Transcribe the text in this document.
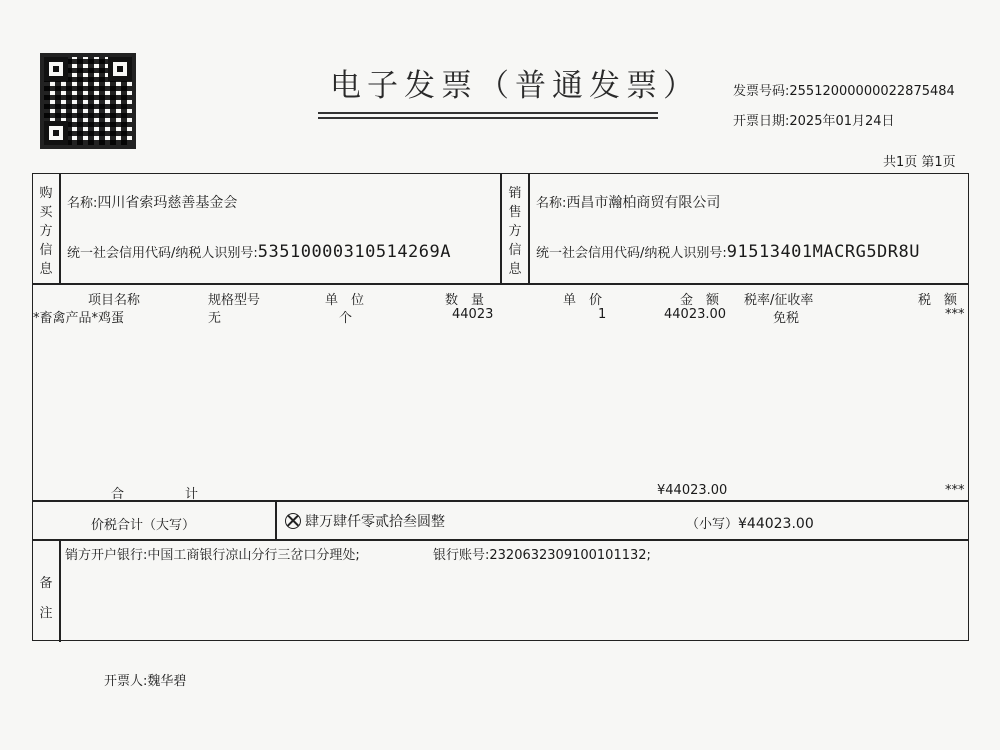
电子发票（普通发票）	发票号码:25512000000022875484
开票日期:2025年01月24日
共1页 第1页
购买方信息
名称:四川省索玛慈善基金会
统一社会信用代码/纳税人识别号:53510000310514269A
销售方信息
名称:西昌市瀚柏商贸有限公司
统一社会信用代码/纳税人识别号:91513401MACRG5DR8U
项目名称	规格型号	单　位	数　量	单　价	金　额 税率/征收率	税　额
*畜禽产品*鸡蛋	无	个	44023	1	44023.00	免税	***
合	计	¥44023.00	***
价税合计（大写）	肆万肆仟零贰拾叁圆整	（小写）¥44023.00
备注
销方开户银行:中国工商银行凉山分行三岔口分理处;	银行账号:2320632309100101132;
开票人:魏华碧
